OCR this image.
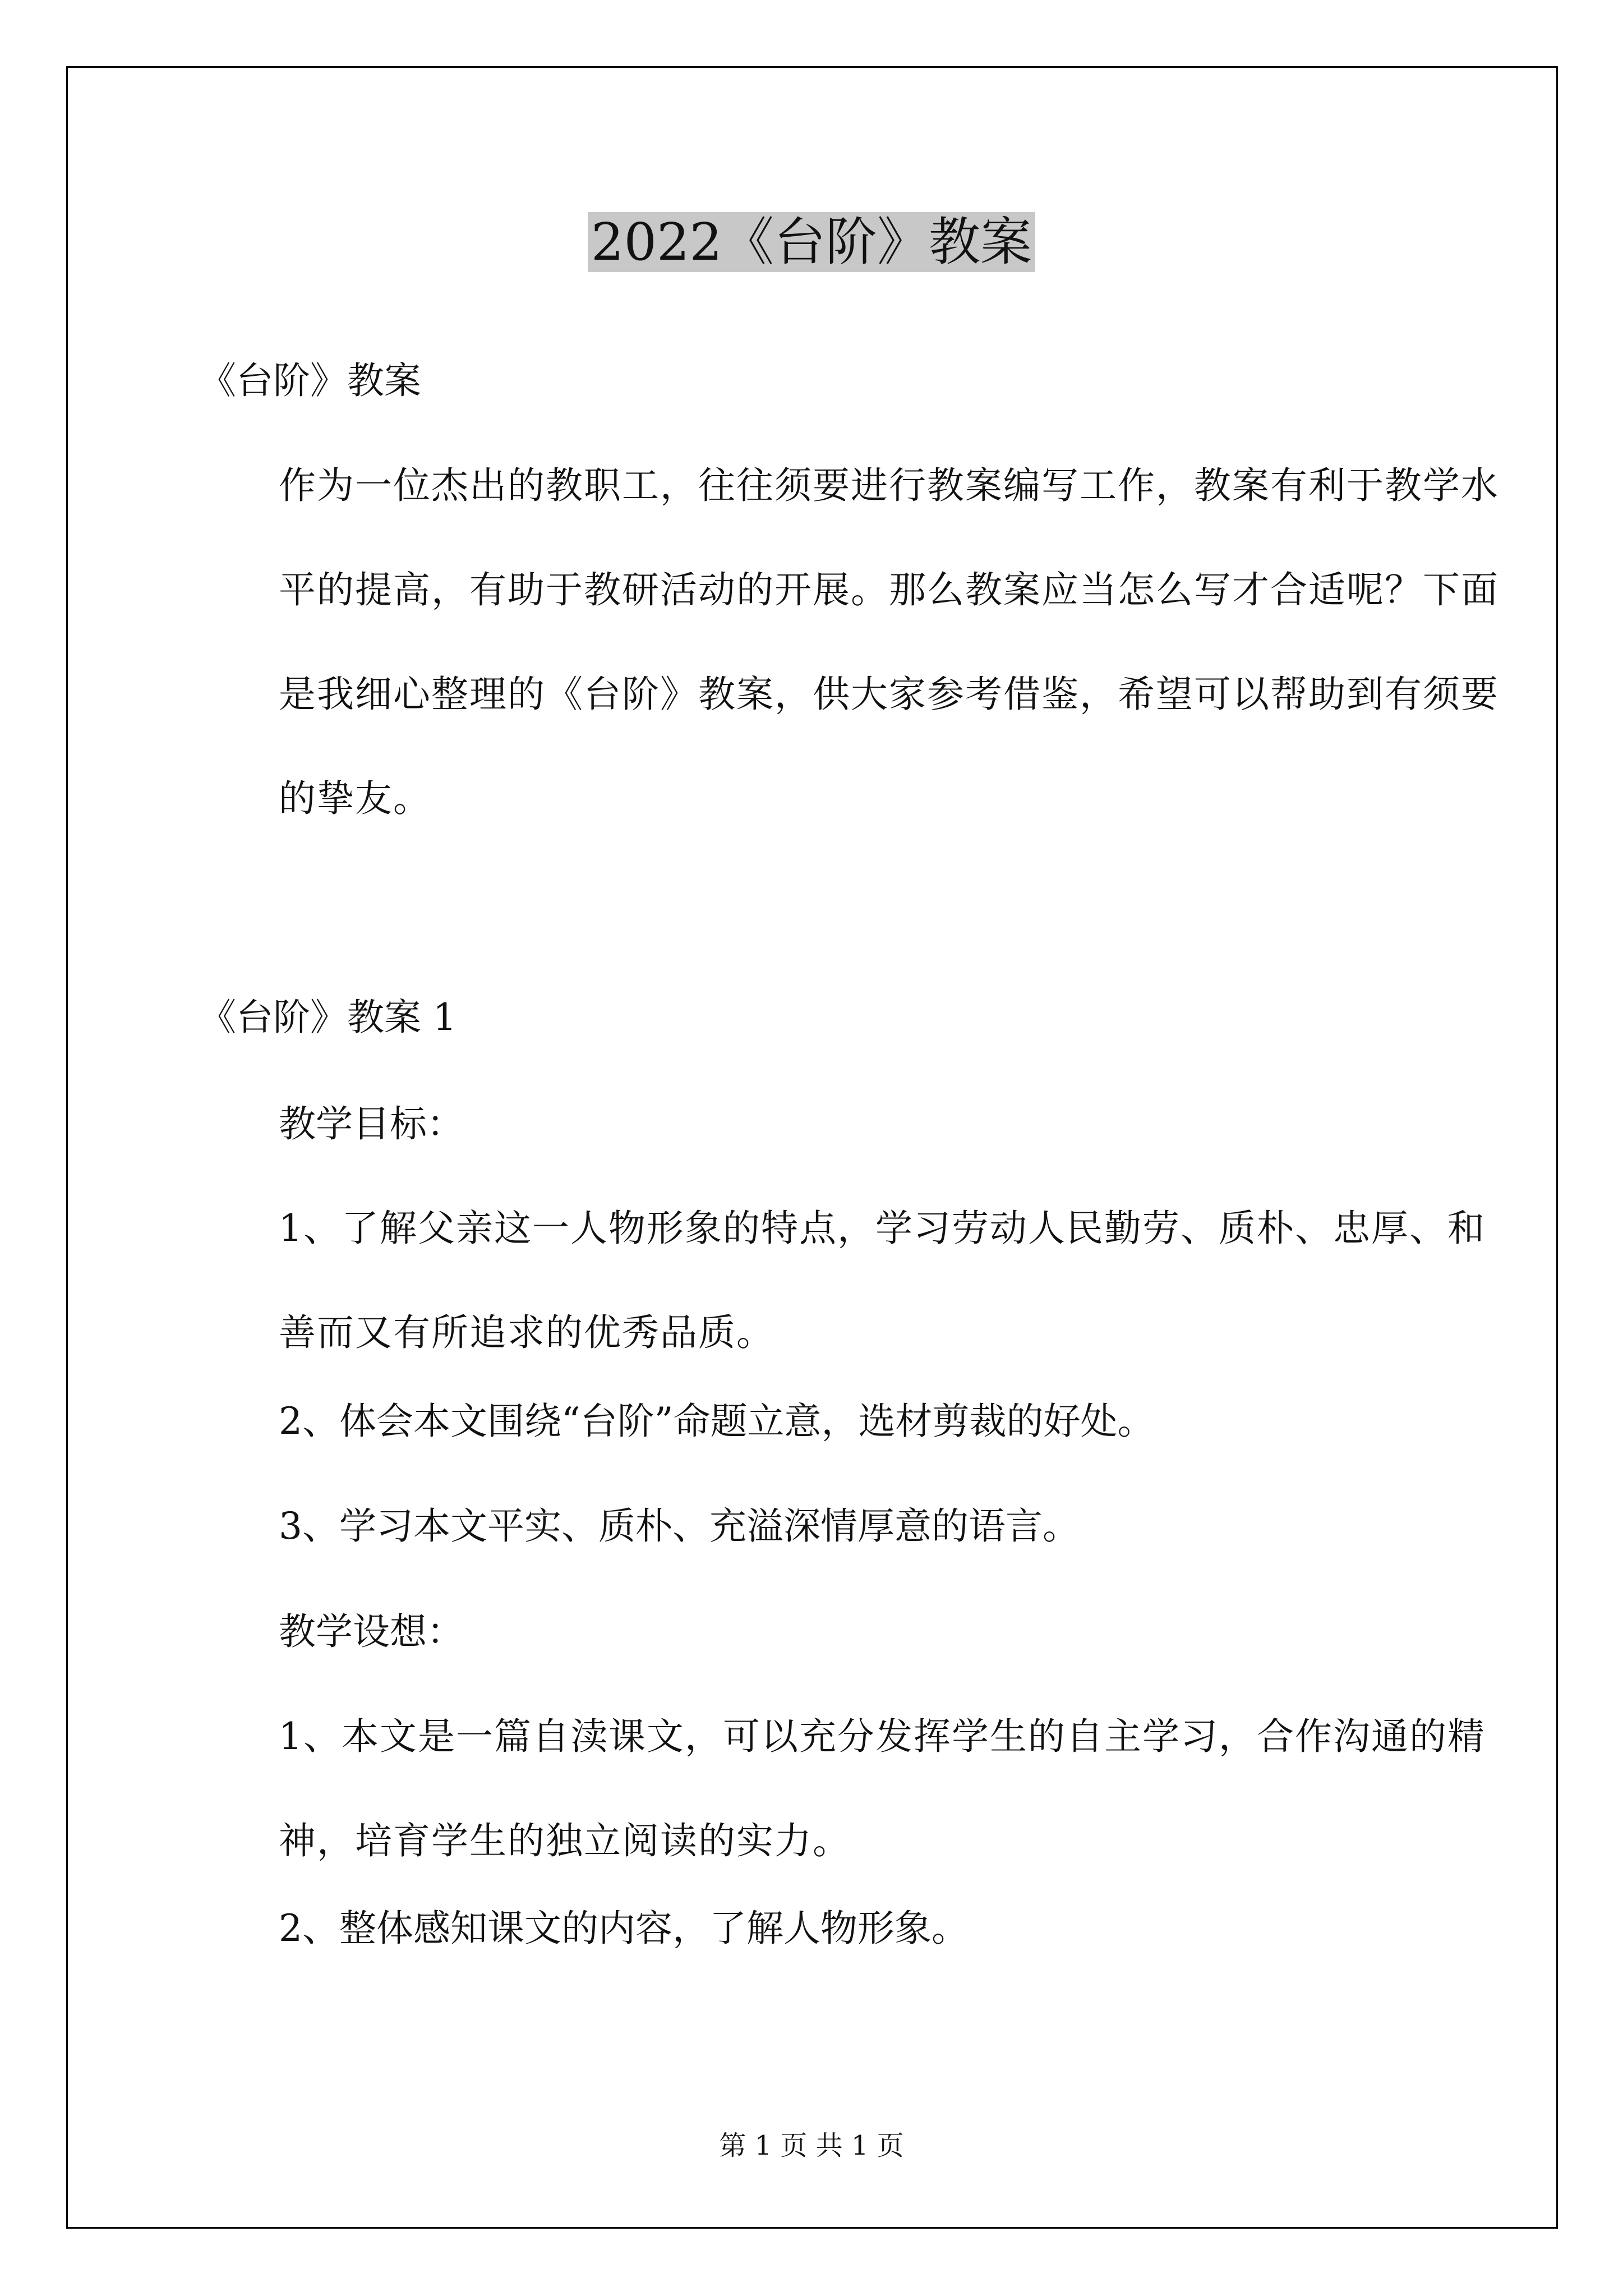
2022《台阶》教案

《台阶》教案

作为一位杰出的教职工，往往须要进行教案编写工作，教案有利于教学水平的提高，有助于教研活动的开展。那么教案应当怎么写才合适呢？下面是我细心整理的《台阶》教案，供大家参考借鉴，希望可以帮助到有须要的挚友。

《台阶》教案 1

教学目标：

1、了解父亲这一人物形象的特点，学习劳动人民勤劳、质朴、忠厚、和善而又有所追求的优秀品质。

2、体会本文围绕“台阶”命题立意，选材剪裁的好处。

3、学习本文平实、质朴、充溢深情厚意的语言。

教学设想：

1、本文是一篇自渎课文，可以充分发挥学生的自主学习，合作沟通的精神，培育学生的独立阅读的实力。

2、整体感知课文的内容，了解人物形象。

第 1 页 共 1 页
